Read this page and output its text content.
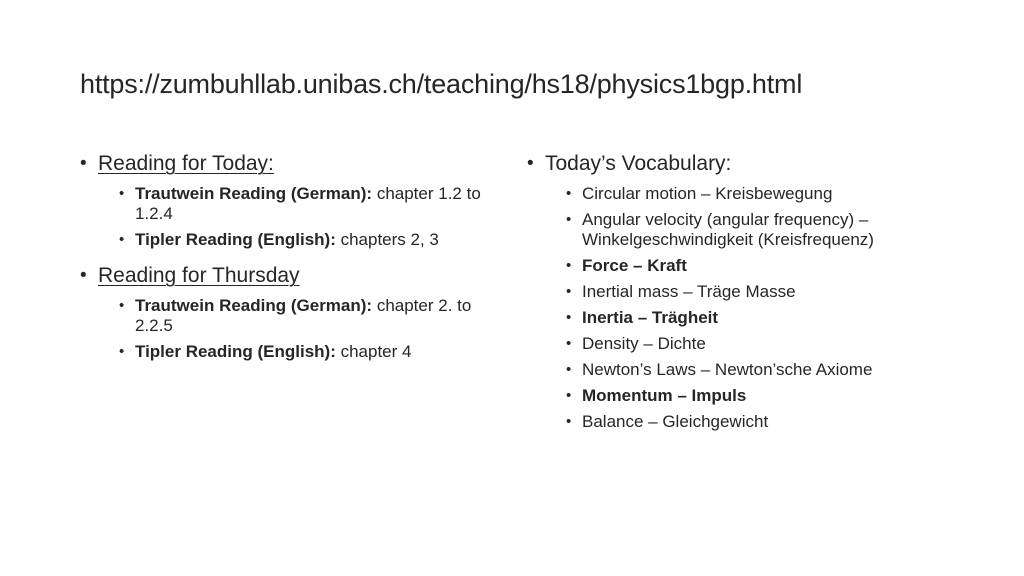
https://zumbuhllab.unibas.ch/teaching/hs18/physics1bgp.html
• Reading for Today:
• Trautwein Reading (German): chapter 1.2 to 1.2.4
• Tipler Reading (English): chapters 2, 3
• Reading for Thursday
• Trautwein Reading (German): chapter 2. to 2.2.5
• Tipler Reading (English): chapter 4
• Today’s Vocabulary:
• Circular motion – Kreisbewegung
• Angular velocity (angular frequency) – Winkelgeschwindigkeit (Kreisfrequenz)
• Force – Kraft
• Inertial mass – Träge Masse
• Inertia – Trägheit
• Density – Dichte
• Newton’s Laws – Newton’sche Axiome
• Momentum – Impuls
• Balance – Gleichgewicht
